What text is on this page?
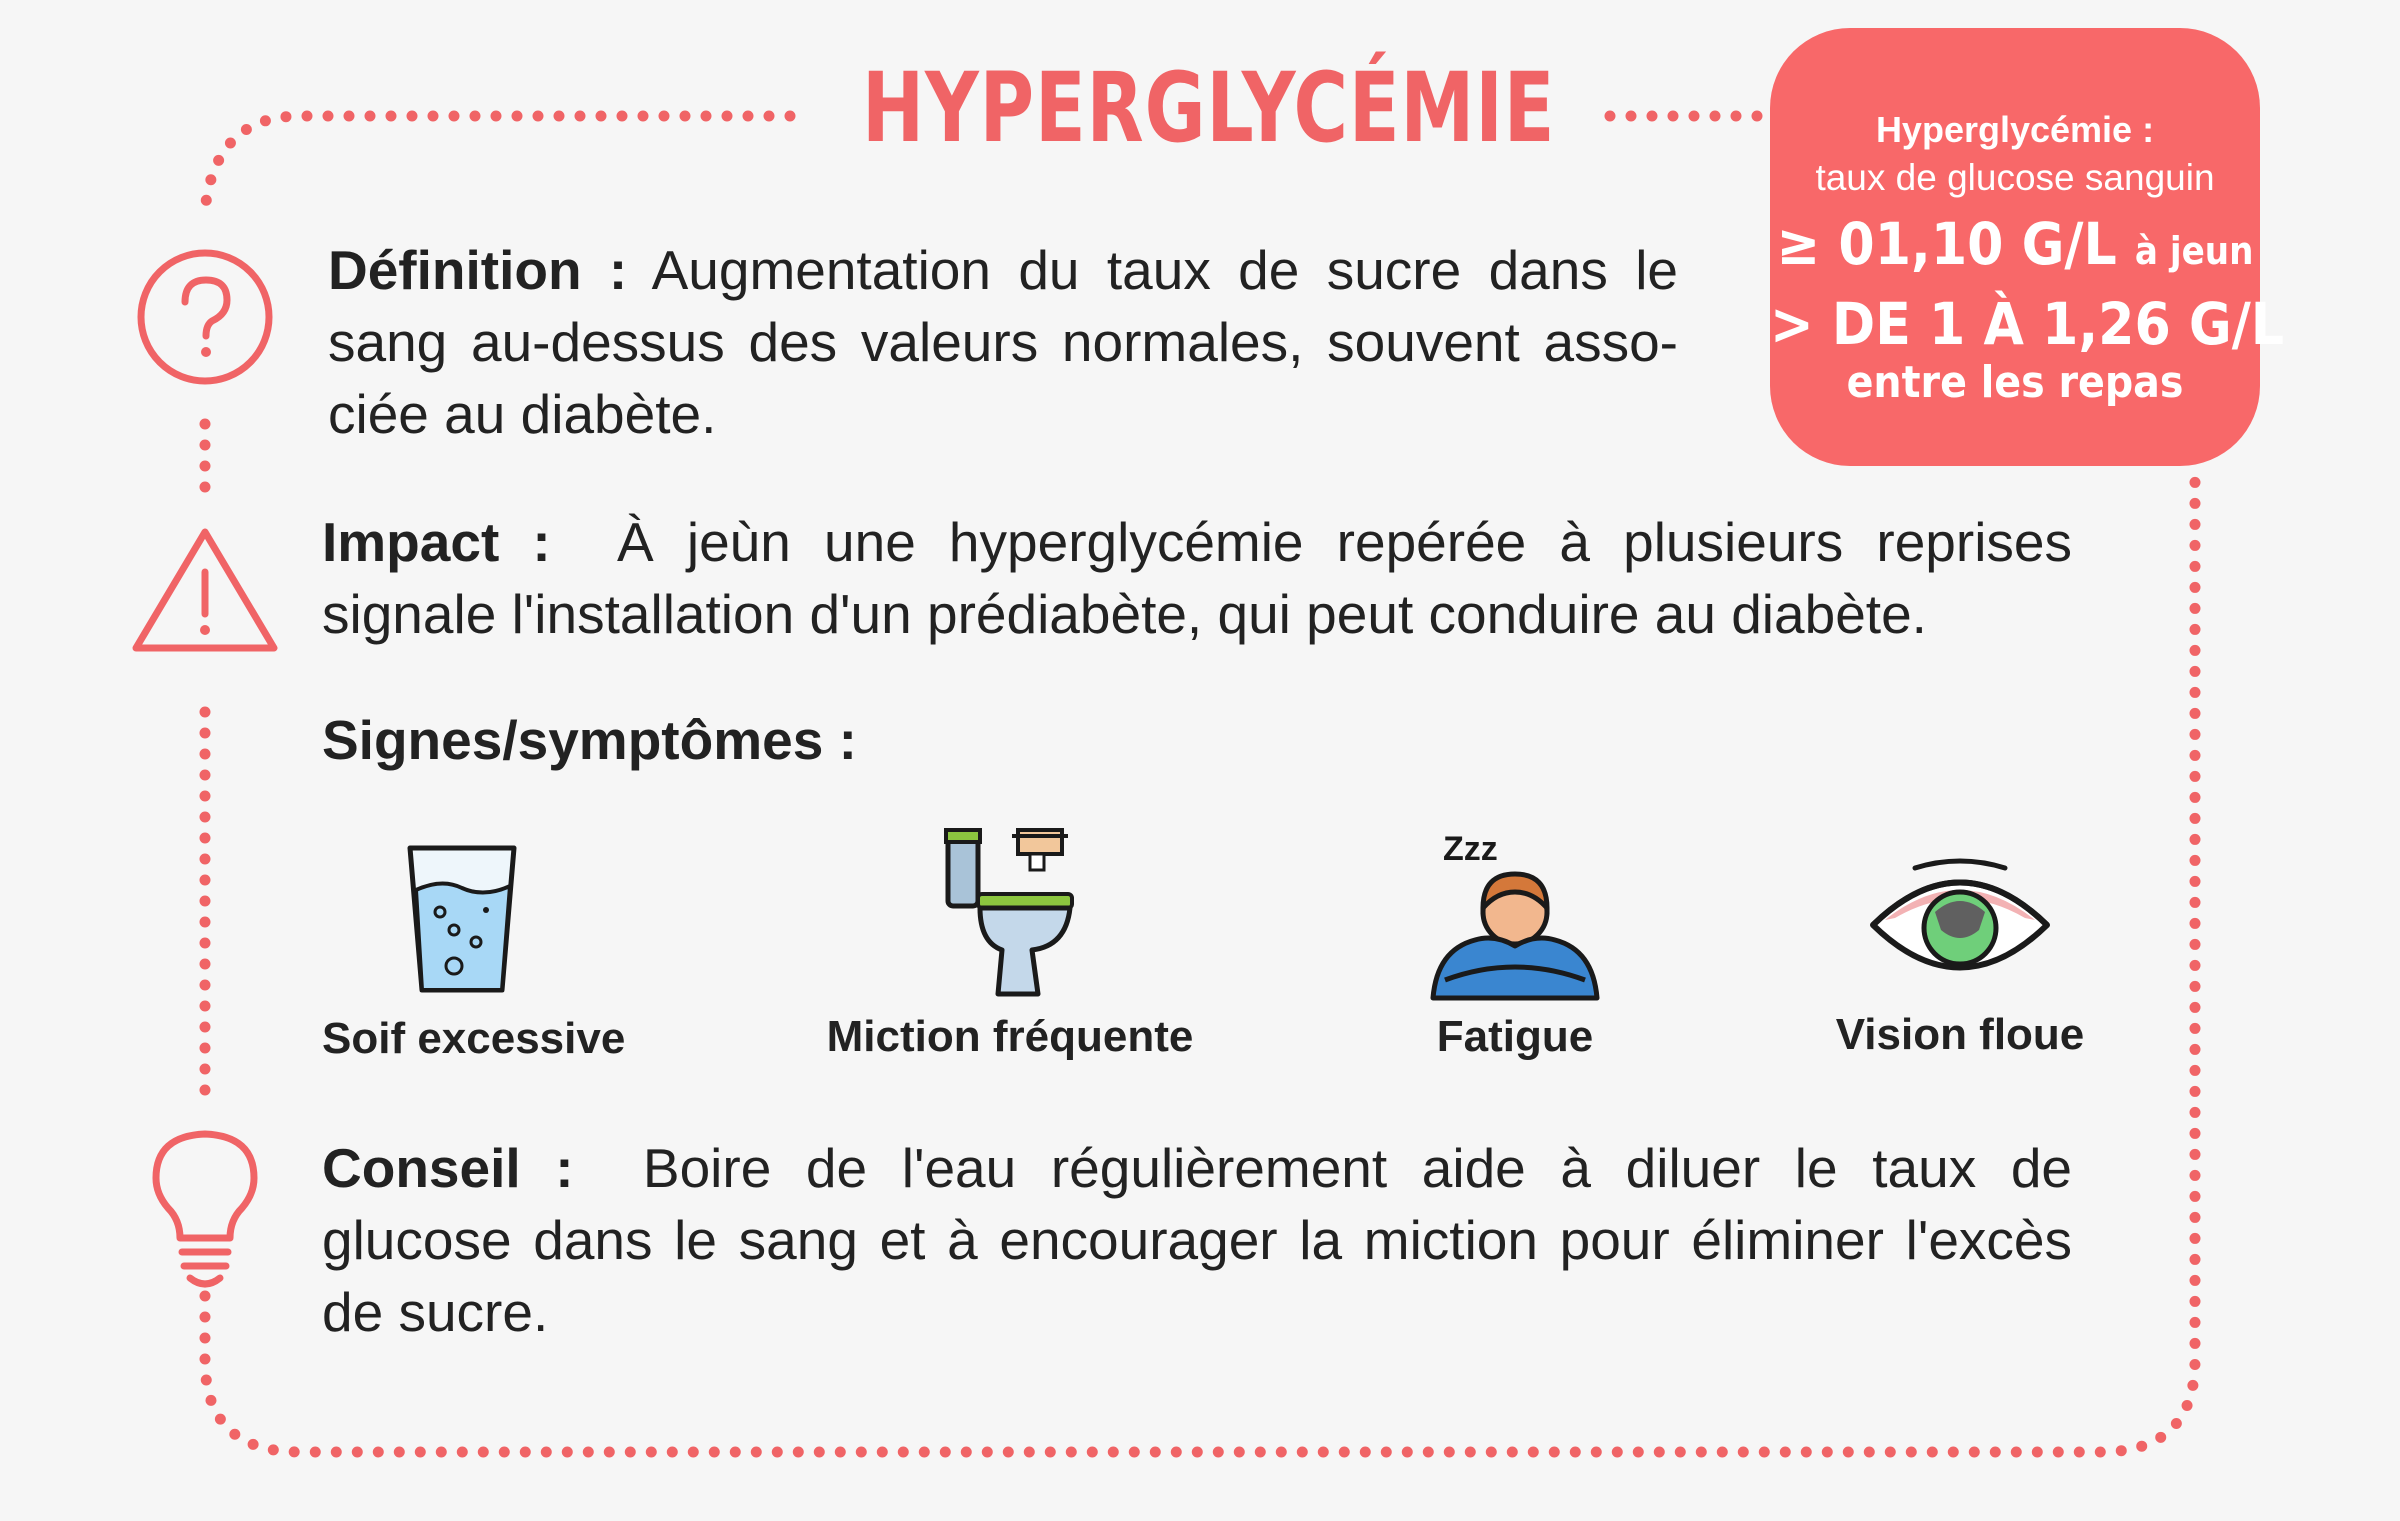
HYPERGLYCÉMIE	Hyperglycémie :
taux de glucose sanguin
≥ 01,10 G/L à jeun
> DE 1 À 1,26 G/L
entre les repas
Définition : Augmentation du taux de sucre dans le sang au-dessus des valeurs normales, souvent asso-ciée au diabète.
Impact : À jeùn une hyperglycémie repérée à plusieurs reprises
signale l'installation d'un prédiabète, qui peut conduire au diabète.
Signes/symptômes :
Soif excessive	Miction fréquente
Zzz
Fatigue	Vision floue
Conseil : Boire de l'eau régulièrement aide à diluer le taux de
glucose dans le sang et à encourager la miction pour éliminer l'excès
de sucre.
